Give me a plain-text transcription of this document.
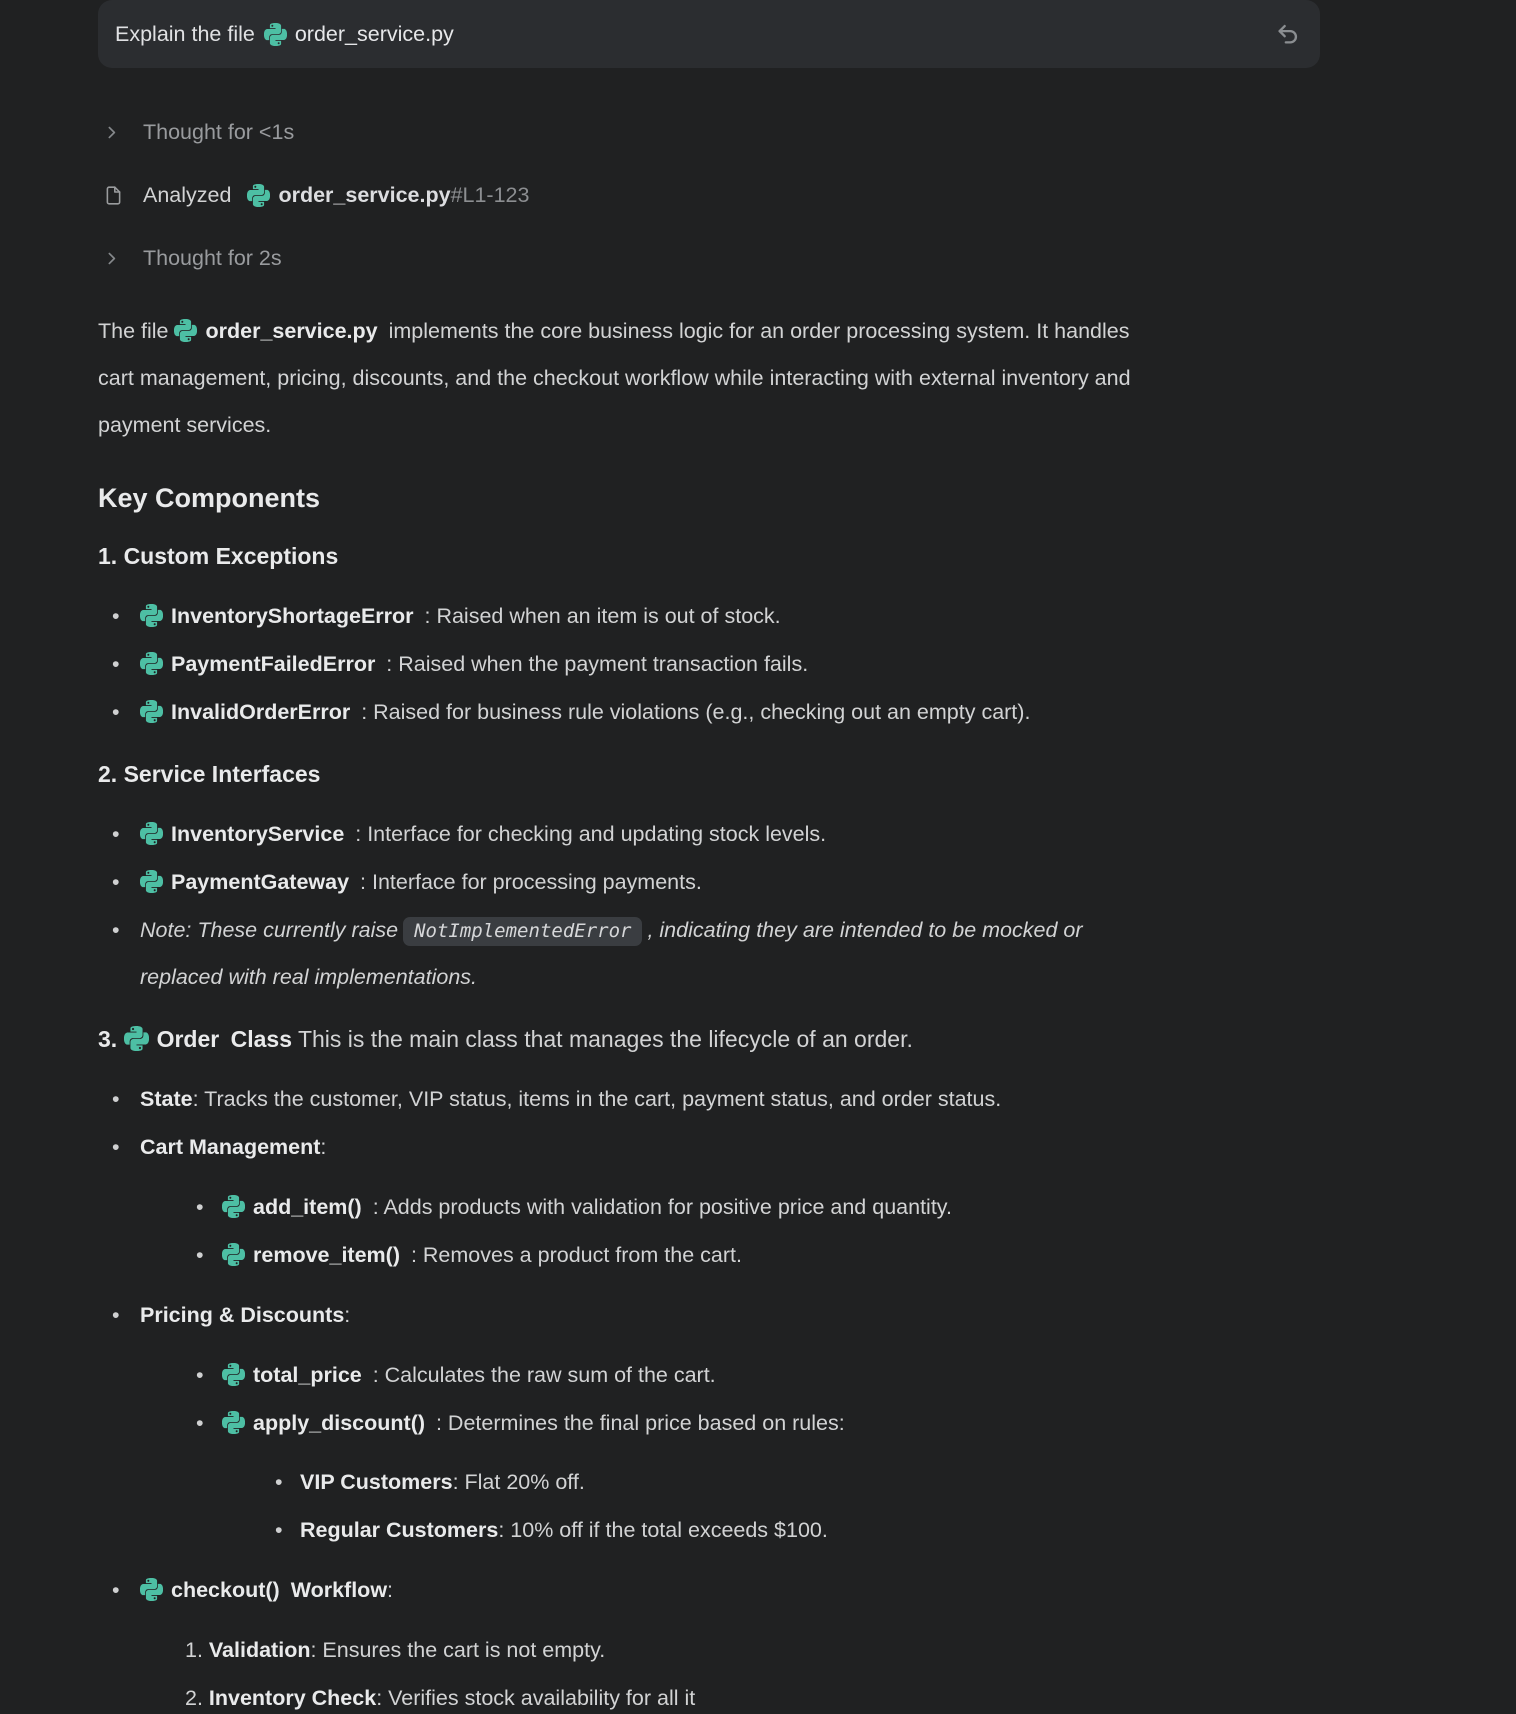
Explain the file order_service.py
Thought for <1s
Analyzed order_service.py #L1-123
Thought for 2s
The file order_service.py implements the core business logic for an order processing system. It handles cart management, pricing, discounts, and the checkout workflow while interacting with external inventory and payment services.
Key Components
1. Custom Exceptions
• InventoryShortageError : Raised when an item is out of stock.
• PaymentFailedError : Raised when the payment transaction fails.
• InvalidOrderError : Raised for business rule violations (e.g., checking out an empty cart).
2. Service Interfaces
• InventoryService : Interface for checking and updating stock levels.
• PaymentGateway : Interface for processing payments.
• Note: These currently raise NotImplementedError , indicating they are intended to be mocked or replaced with real implementations.
3. Order Class This is the main class that manages the lifecycle of an order.
• State: Tracks the customer, VIP status, items in the cart, payment status, and order status.
• Cart Management:
• add_item() : Adds products with validation for positive price and quantity.
• remove_item() : Removes a product from the cart.
• Pricing & Discounts:
• total_price : Calculates the raw sum of the cart.
• apply_discount() : Determines the final price based on rules:
• VIP Customers: Flat 20% off.
• Regular Customers: 10% off if the total exceeds $100.
• checkout() Workflow:
1. Validation: Ensures the cart is not empty.
2. Inventory Check: Verifies stock availability for all it
